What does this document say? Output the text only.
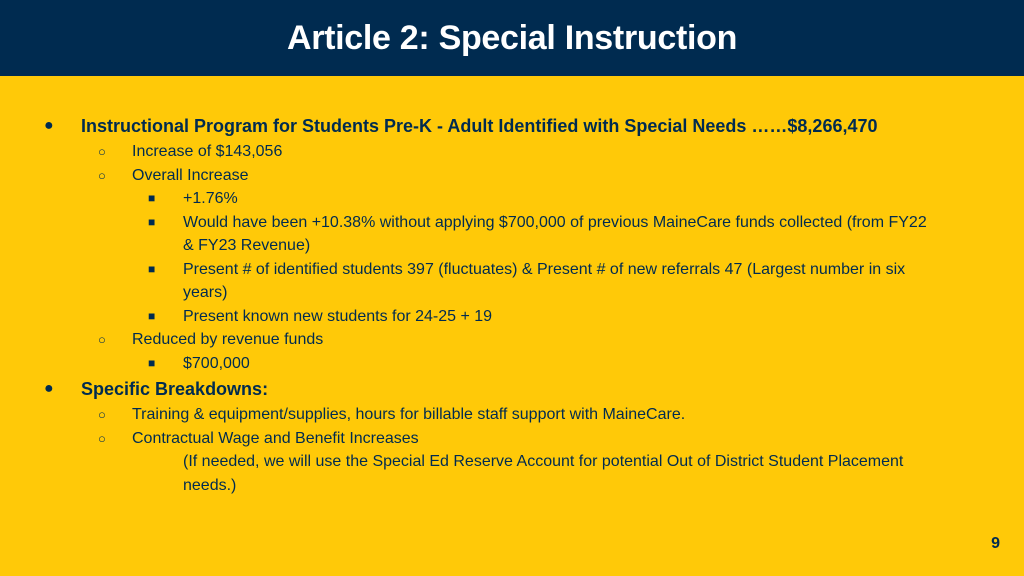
Article 2: Special Instruction
● Instructional Program for Students Pre-K - Adult Identified with Special Needs ……$8,266,470
○ Increase of $143,056
○ Overall Increase
■ +1.76%
■ Would have been +10.38% without applying $700,000 of previous MaineCare funds collected (from FY22
& FY23 Revenue)
■ Present # of identified students 397 (fluctuates) & Present # of new referrals 47 (Largest number in six
years)
■ Present known new students for 24-25 + 19
○ Reduced by revenue funds
■ $700,000
● Specific Breakdowns:
○ Training & equipment/supplies, hours for billable staff support with MaineCare.
○ Contractual Wage and Benefit Increases
(If needed, we will use the Special Ed Reserve Account for potential Out of District Student Placement
needs.)
9
